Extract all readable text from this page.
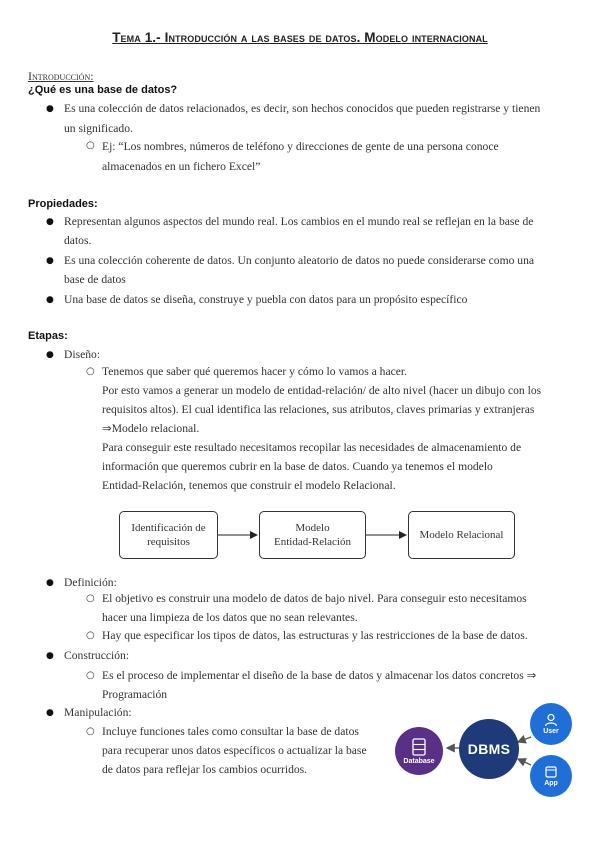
Tema 1.- Introducción a las bases de datos. Modelo internacional
Introducción:
¿Qué es una base de datos?
● Es una colección de datos relacionados, es decir, son hechos conocidos que pueden registrarse y tienen
un significado.
○ Ej: “Los nombres, números de teléfono y direcciones de gente de una persona conoce
almacenados en un fichero Excel”
Propiedades:
● Representan algunos aspectos del mundo real. Los cambios en el mundo real se reflejan en la base de
datos.
● Es una colección coherente de datos. Un conjunto aleatorio de datos no puede considerarse como una
base de datos
● Una base de datos se diseña, construye y puebla con datos para un propósito específico
Etapas:
● Diseño:
○ Tenemos que saber qué queremos hacer y cómo lo vamos a hacer.
Por esto vamos a generar un modelo de entidad-relación/ de alto nivel (hacer un dibujo con los
requisitos altos). El cual identifica las relaciones, sus atributos, claves primarias y extranjeras
⇒Modelo relacional.
Para conseguir este resultado necesitamos recopilar las necesidades de almacenamiento de
información que queremos cubrir en la base de datos. Cuando ya tenemos el modelo
Entidad-Relación, tenemos que construir el modelo Relacional.
Identificación de
requisitos
Modelo
Entidad-Relación
Modelo Relacional
● Definición:
○ El objetivo es construir una modelo de datos de bajo nivel. Para conseguir esto necesitamos
hacer una limpieza de los datos que no sean relevantes.
○ Hay que especificar los tipos de datos, las estructuras y las restricciones de la base de datos.
● Construcción:
○ Es el proceso de implementar el diseño de la base de datos y almacenar los datos concretos ⇒
Programación
● Manipulación:
○ Incluye funciones tales como consultar la base de datos
para recuperar unos datos específicos o actualizar la base
de datos para reflejar los cambios ocurridos.
Database
DBMS
User
App
